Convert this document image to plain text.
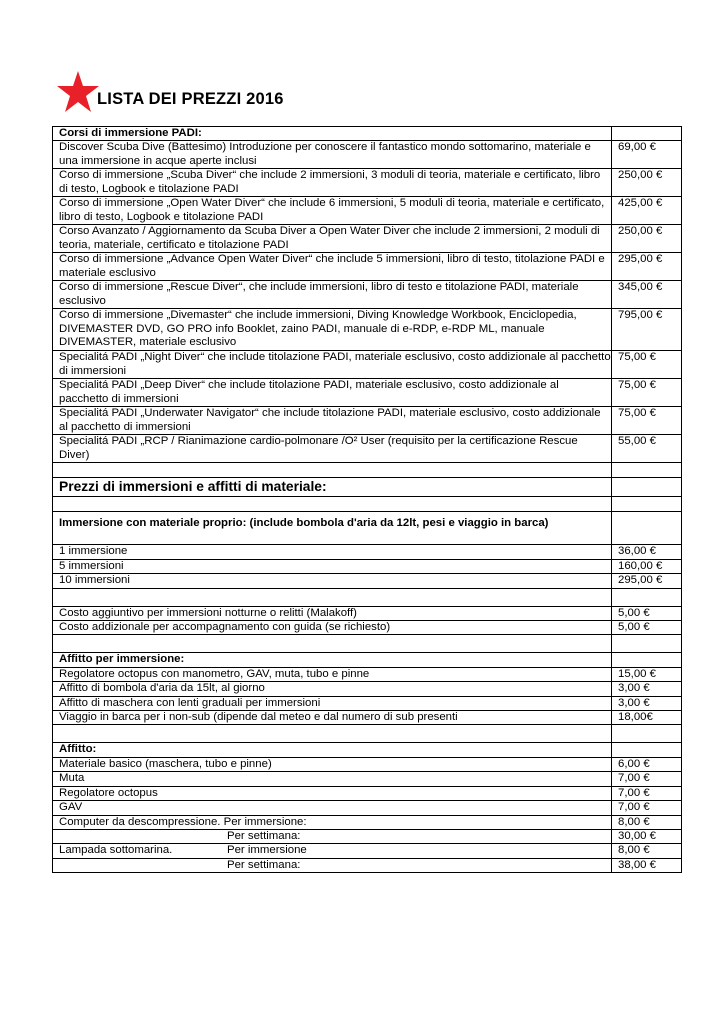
LISTA DEI PREZZI 2016
Corsi di immersione PADI:	
Discover Scuba Dive (Battesimo) Introduzione per conoscere il fantastico mondo sottomarino, materiale e una immersione in acque aperte inclusi	69,00 €
Corso di immersione „Scuba Diver“ che include 2 immersioni, 3 moduli di teoria, materiale e certificato, libro di testo, Logbook e titolazione PADI	250,00 €
Corso di immersione „Open Water Diver“ che include 6 immersioni, 5 moduli di teoria, materiale e certificato, libro di testo, Logbook e titolazione PADI	425,00 €
Corso Avanzato / Aggiornamento da Scuba Diver a Open Water Diver che include 2 immersioni, 2 moduli di teoria, materiale, certificato e titolazione PADI	250,00 €
Corso di immersione „Advance Open Water Diver“ che include 5 immersioni, libro di testo, titolazione PADI e materiale esclusivo	295,00 €
Corso di immersione „Rescue Diver“, che include immersioni, libro di testo e titolazione PADI, materiale esclusivo	345,00 €
Corso di immersione „Divemaster“ che include immersioni, Diving Knowledge Workbook, Enciclopedia, DIVEMASTER DVD, GO PRO info Booklet, zaino PADI, manuale di e-RDP, e-RDP ML, manuale DIVEMASTER, materiale esclusivo	795,00 €
Specialitá PADI „Night Diver“ che include titolazione PADI, materiale esclusivo, costo addizionale al pacchetto di immersioni	75,00 €
Specialitá PADI „Deep Diver“ che include titolazione PADI, materiale esclusivo, costo addizionale al pacchetto di immersioni	75,00 €
Specialitá PADI „Underwater Navigator“ che include titolazione PADI, materiale esclusivo, costo addizionale al pacchetto di immersioni	75,00 €
Specialitá PADI „RCP / Rianimazione cardio-polmonare /O² User (requisito per la certificazione Rescue Diver)	55,00 €

Prezzi di immersioni e affitti di materiale:	

Immersione con materiale proprio: (include bombola d'aria da 12lt, pesi e viaggio in barca)	
1 immersione	36,00 €
5 immersioni	160,00 €
10 immersioni	295,00 €

Costo aggiuntivo per immersioni notturne o relitti (Malakoff)	5,00 €
Costo addizionale per accompagnamento con guida (se richiesto)	5,00 €

Affitto per immersione:	
Regolatore octopus con manometro, GAV, muta, tubo e pinne	15,00 €
Affitto di bombola d'aria da 15lt, al giorno	3,00 €
Affitto di maschera con lenti graduali per immersioni	3,00 €
Viaggio in barca per i non-sub (dipende dal meteo e dal numero di sub presenti	18,00€

Affitto:	
Materiale basico (maschera, tubo e pinne)	6,00 €
Muta	7,00 €
Regolatore octopus	7,00 €
GAV	7,00 €
Computer da descompressione. Per immersione:	8,00 €
Per settimana:	30,00 €
Lampada sottomarina. Per immersione	8,00 €
Per settimana:	38,00 €
